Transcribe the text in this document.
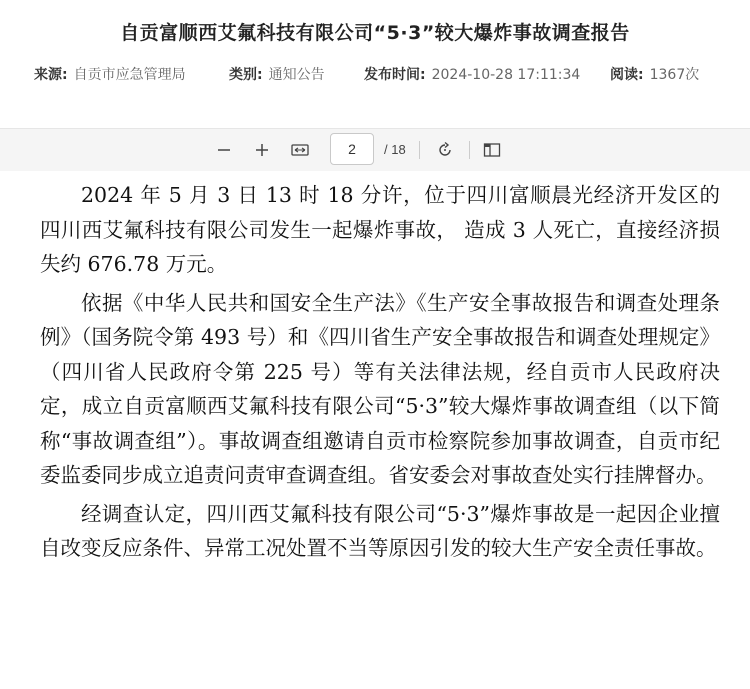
自贡富顺西艾氟科技有限公司“5·3”较大爆炸事故调查报告
来源: 自贡市应急管理局	类别: 通知公告	发布时间: 2024-10-28 17:11:34 阅读: 1367次
2	/ 18

2024 年 5 月 3 日 13 时 18 分许，位于四川富顺晨光经济开发区的四川西艾氟科技有限公司发生一起爆炸事故， 造成 3 人死亡，直接经济损失约 676.78 万元。

依据《中华人民共和国安全生产法》《生产安全事故报告和调查处理条例》（国务院令第 493 号）和《四川省生产安全事故报告和调查处理规定》（四川省人民政府令第 225 号）等有关法律法规，经自贡市人民政府决定，成立自贡富顺西艾氟科技有限公司“5·3”较大爆炸事故调查组（以下简称“事故调查组”）。事故调查组邀请自贡市检察院参加事故调查，自贡市纪委监委同步成立追责问责审查调查组。省安委会对事故查处实行挂牌督办。

经调查认定，四川西艾氟科技有限公司“5·3”爆炸事故是一起因企业擅自改变反应条件、异常工况处置不当等原因引发的较大生产安全责任事故。
